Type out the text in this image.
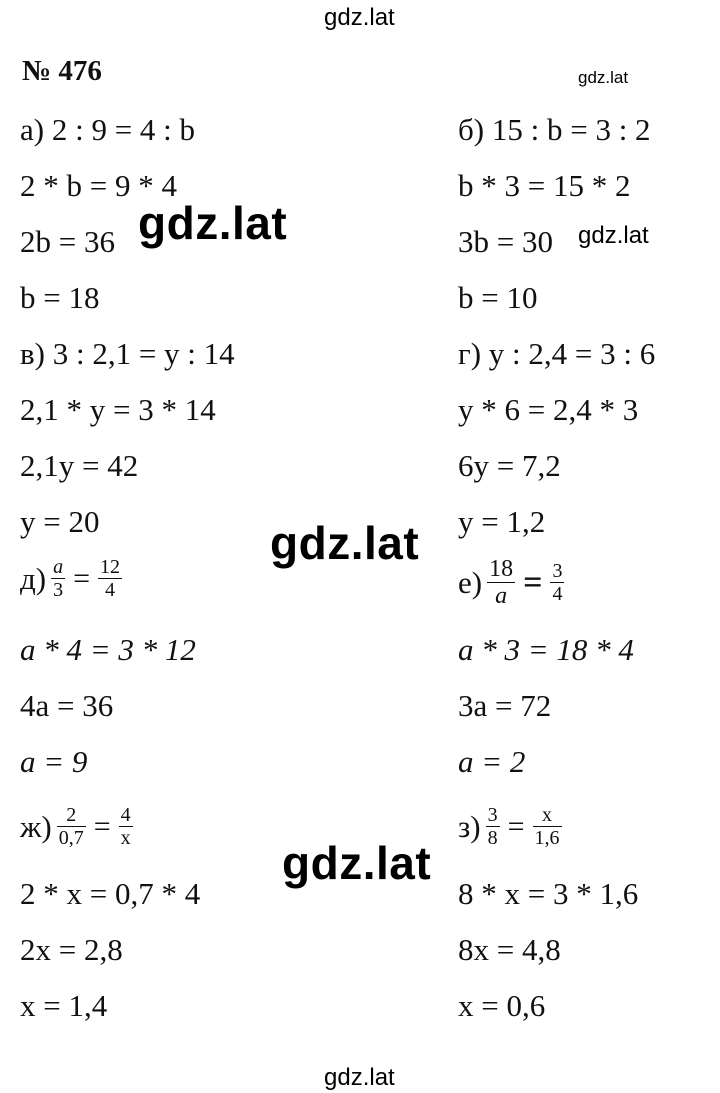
gdz.lat
gdz.lat
gdz.lat	gdz.lat
gdz.lat
gdz.lat
gdz.lat
№ 476
а) 2 : 9 = 4 : b
2 * b = 9 * 4
2b = 36
b = 18
б) 15 : b = 3 : 2
b * 3 = 15 * 2
3b = 30
b = 10
в) 3 : 2,1 = y : 14
2,1 * y = 3 * 14
2,1y = 42
y = 20
г) y : 2,4 = 3 : 6
y * 6 = 2,4 * 3
6y = 7,2
y = 1,2
$д) \frac{a}{3} = \frac{12}{4}$
a * 4 = 3 * 12
4a = 36
a = 9
$е) \frac{18}{a} = \frac{3}{4}$
a * 3 = 18 * 4
3a = 72
a = 2
$ж) \frac{2}{0,7} = \frac{4}{x}$
2 * x = 0,7 * 4
2x = 2,8
x = 1,4
$з) \frac{3}{8} = \frac{x}{1,6}$
8 * x = 3 * 1,6
8x = 4,8
x = 0,6
